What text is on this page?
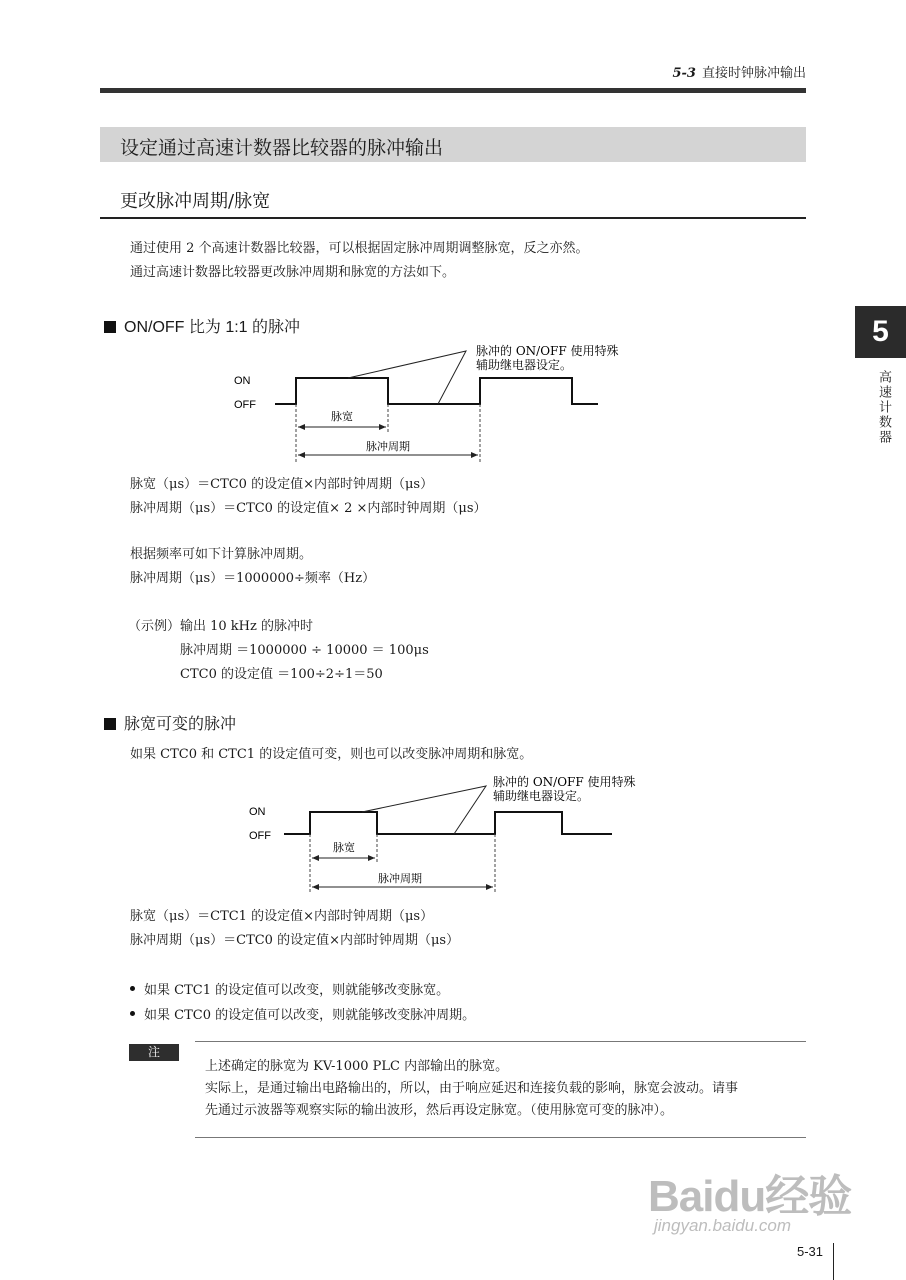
5-3 直接时钟脉冲输出
设定通过高速计数器比较器的脉冲输出
更改脉冲周期/脉宽
通过使用 2 个高速计数器比较器，可以根据固定脉冲周期调整脉宽，反之亦然。
通过高速计数器比较器更改脉冲周期和脉宽的方法如下。
5
高速计数器
ON/OFF 比为 1:1 的脉冲
ON
OFF
脉冲的 ON/OFF 使用特殊
辅助继电器设定。
脉宽
脉冲周期
脉宽（μs）＝CTC0 的设定值×内部时钟周期（μs）
脉冲周期（μs）＝CTC0 的设定值× 2 ×内部时钟周期（μs）
根据频率可如下计算脉冲周期。
脉冲周期（μs）＝1000000÷频率（Hz）
（示例）输出 10 kHz 的脉冲时
脉冲周期 ＝1000000 ÷ 10000 ＝ 100μs
CTC0 的设定值 ＝100÷2÷1＝50
脉宽可变的脉冲
如果 CTC0 和 CTC1 的设定值可变，则也可以改变脉冲周期和脉宽。
ON
OFF
脉冲的 ON/OFF 使用特殊
辅助继电器设定。
脉宽
脉冲周期
脉宽（μs）＝CTC1 的设定值×内部时钟周期（μs）
脉冲周期（μs）＝CTC0 的设定值×内部时钟周期（μs）
如果 CTC1 的设定值可以改变，则就能够改变脉宽。
如果 CTC0 的设定值可以改变，则就能够改变脉冲周期。
注
上述确定的脉宽为 KV-1000 PLC 内部输出的脉宽。
实际上，是通过输出电路输出的，所以，由于响应延迟和连接负载的影响，脉宽会波动。请事
先通过示波器等观察实际的输出波形，然后再设定脉宽。（使用脉宽可变的脉冲）。
Baidu经验
jingyan.baidu.com
5-31
